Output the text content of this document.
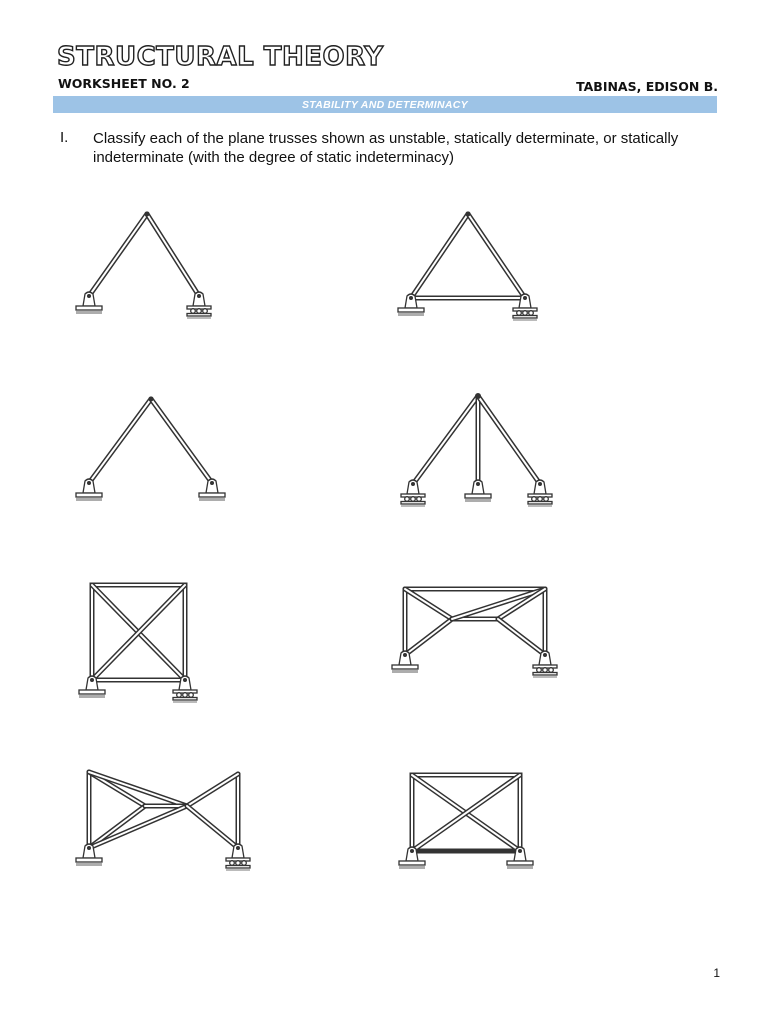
STRUCTURAL THEORY
WORKSHEET NO. 2	TABINAS, EDISON B.
STABILITY AND DETERMINACY
I. Classify each of the plane trusses shown as unstable, statically determinate, or statically indeterminate (with the degree of static indeterminacy)
1
